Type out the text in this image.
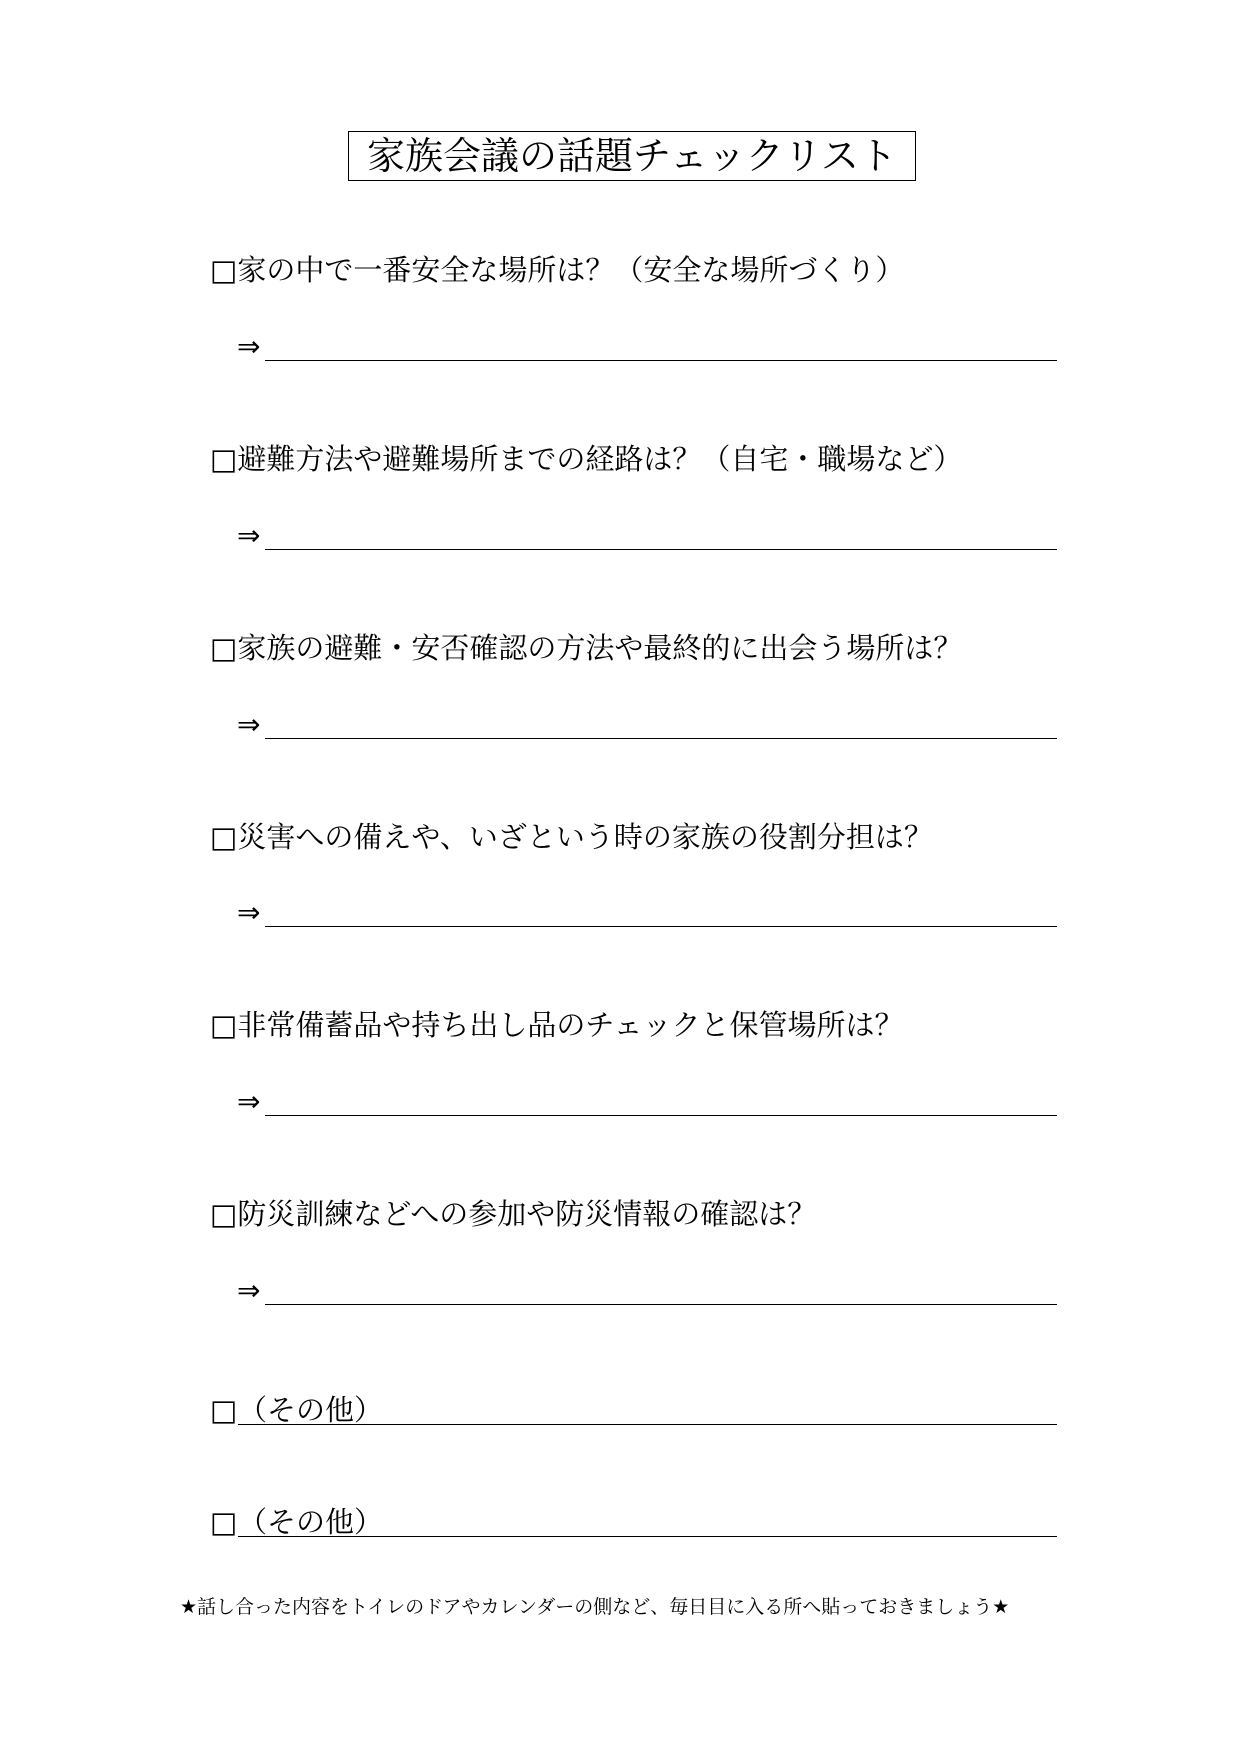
家族会議の話題チェックリスト
□家の中で一番安全な場所は？（安全な場所づくり）
⇒
□避難方法や避難場所までの経路は？（自宅・職場など）
⇒
□家族の避難・安否確認の方法や最終的に出会う場所は？
⇒
□災害への備えや、いざという時の家族の役割分担は？
⇒
□非常備蓄品や持ち出し品のチェックと保管場所は？
⇒
□防災訓練などへの参加や防災情報の確認は？
⇒
□ （その他）
□ （その他）
★話し合った内容をトイレのドアやカレンダーの側など、毎日目に入る所へ貼っておきましょう★
